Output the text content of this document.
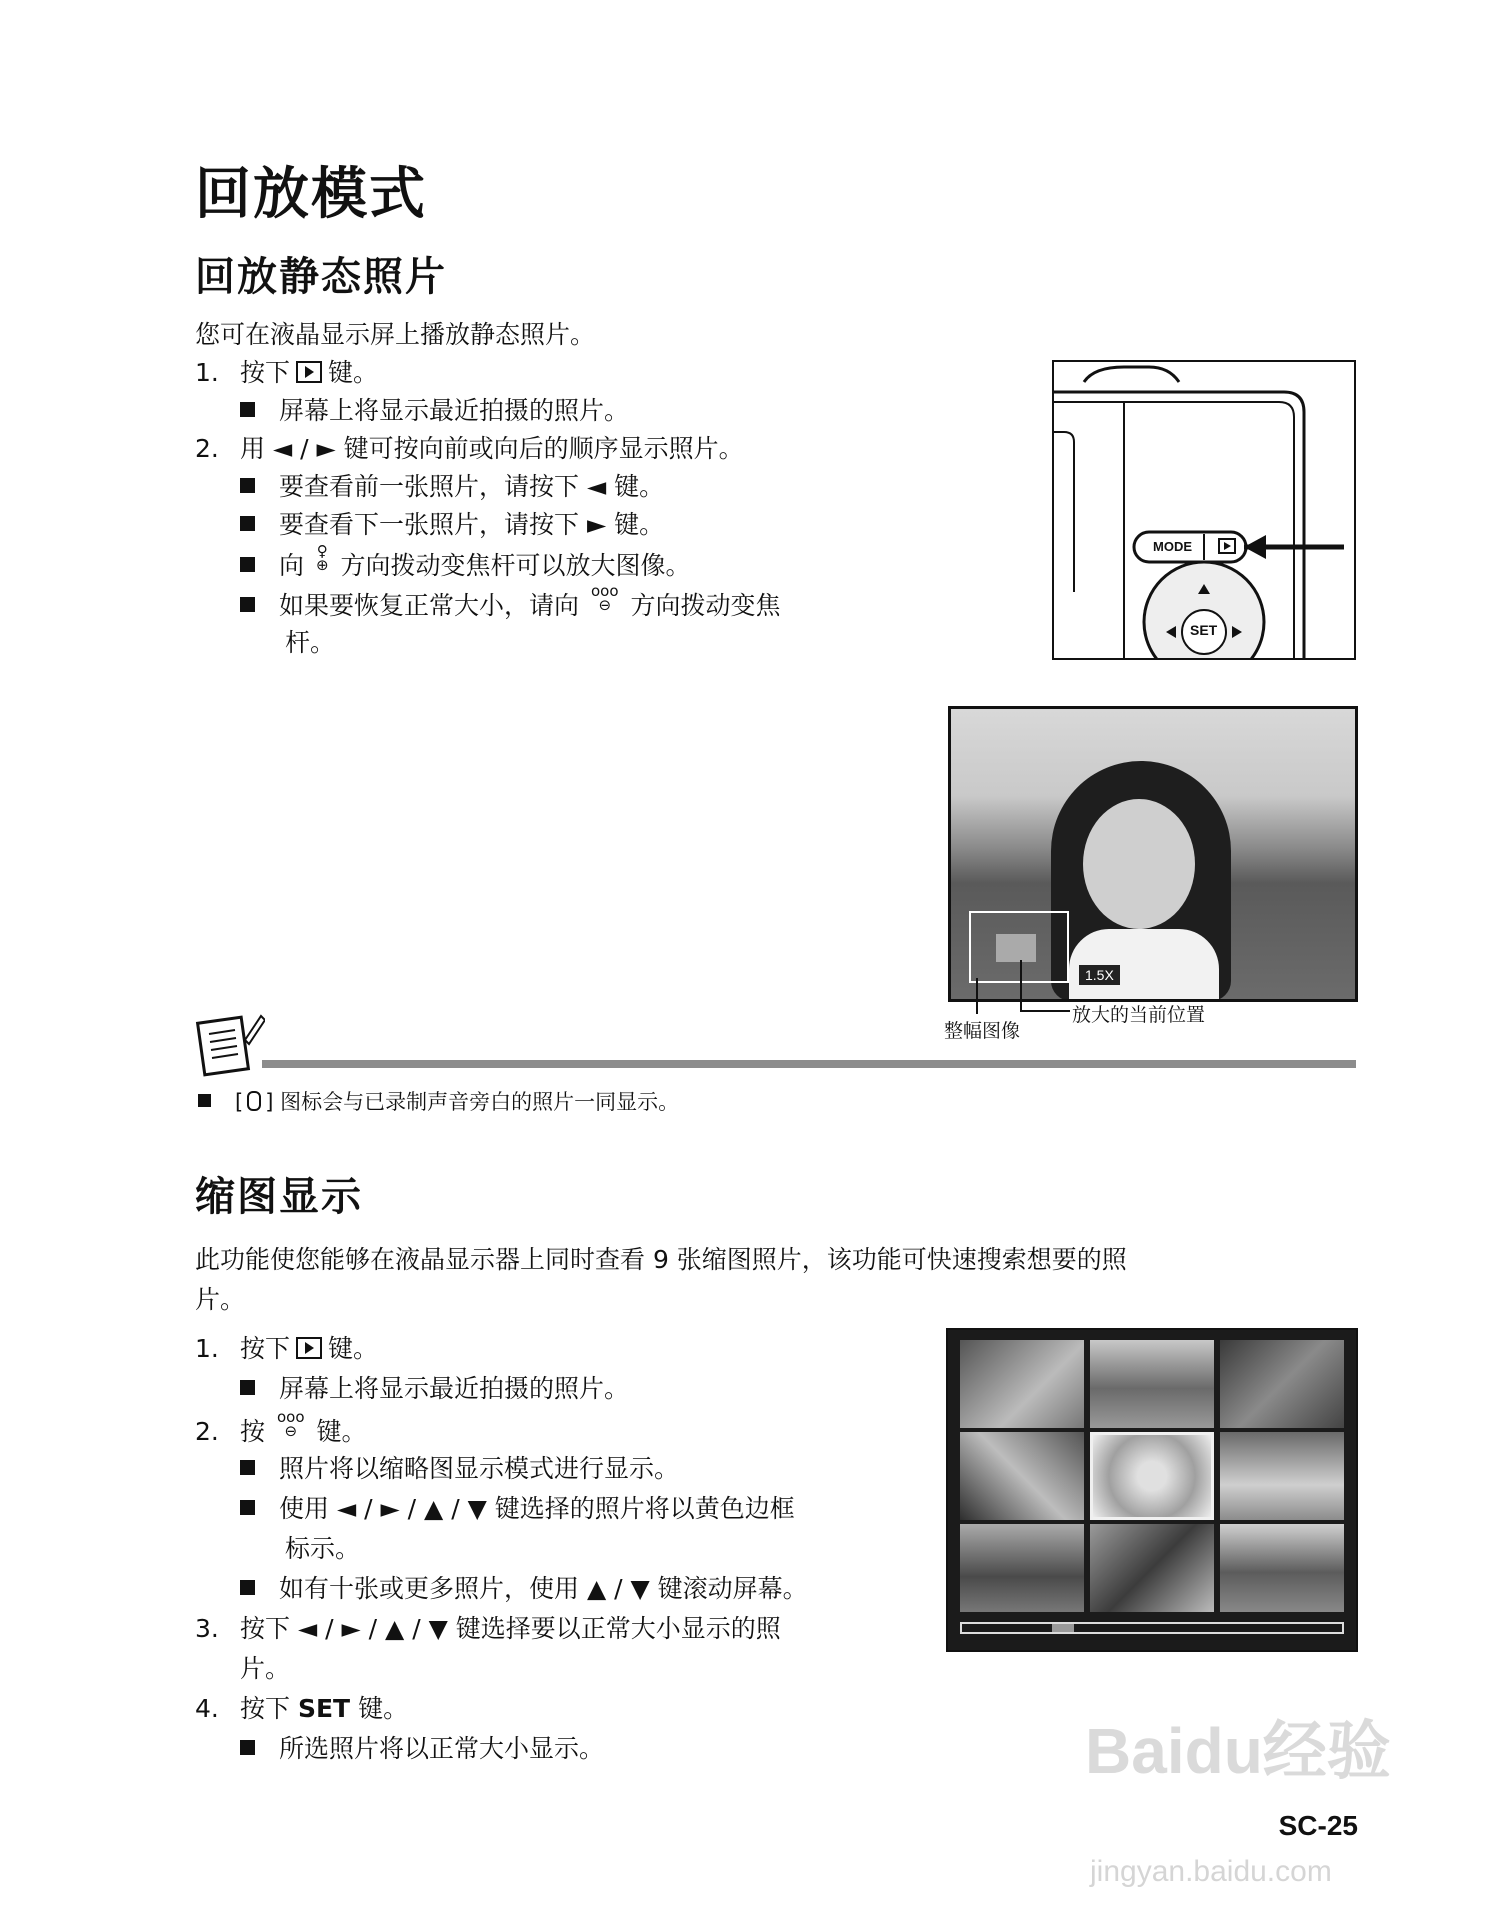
回放模式
回放静态照片
您可在液晶显示屏上播放静态照片。
1. 按下 键。
屏幕上将显示最近拍摄的照片。
2. 用 ◄ / ► 键可按向前或向后的顺序显示照片。
要查看前一张照片，请按下 ◄ 键。
要查看下一张照片，请按下 ► 键。
向 ♀
⊕ 方向拨动变焦杆可以放大图像。
如果要恢复正常大小，请向 ooo
⊖ 方向拨动变焦
杆。
MODE
SET
1.5X
整幅图像
放大的当前位置
[ ] 图标会与已录制声音旁白的照片一同显示。
缩图显示
此功能使您能够在液晶显示器上同时查看 9 张缩图照片，该功能可快速搜索想要的照
片。
1. 按下 键。
屏幕上将显示最近拍摄的照片。
2. 按 ooo
⊖ 键。
照片将以缩略图显示模式进行显示。
使用 ◄ / ► / ▲ / ▼ 键选择的照片将以黄色边框
标示。
如有十张或更多照片，使用 ▲ / ▼ 键滚动屏幕。
3. 按下 ◄ / ► / ▲ / ▼ 键选择要以正常大小显示的照
片。
4. 按下 SET 键。
所选照片将以正常大小显示。	Baidu经验
jingyan.baidu.com
SC-25
